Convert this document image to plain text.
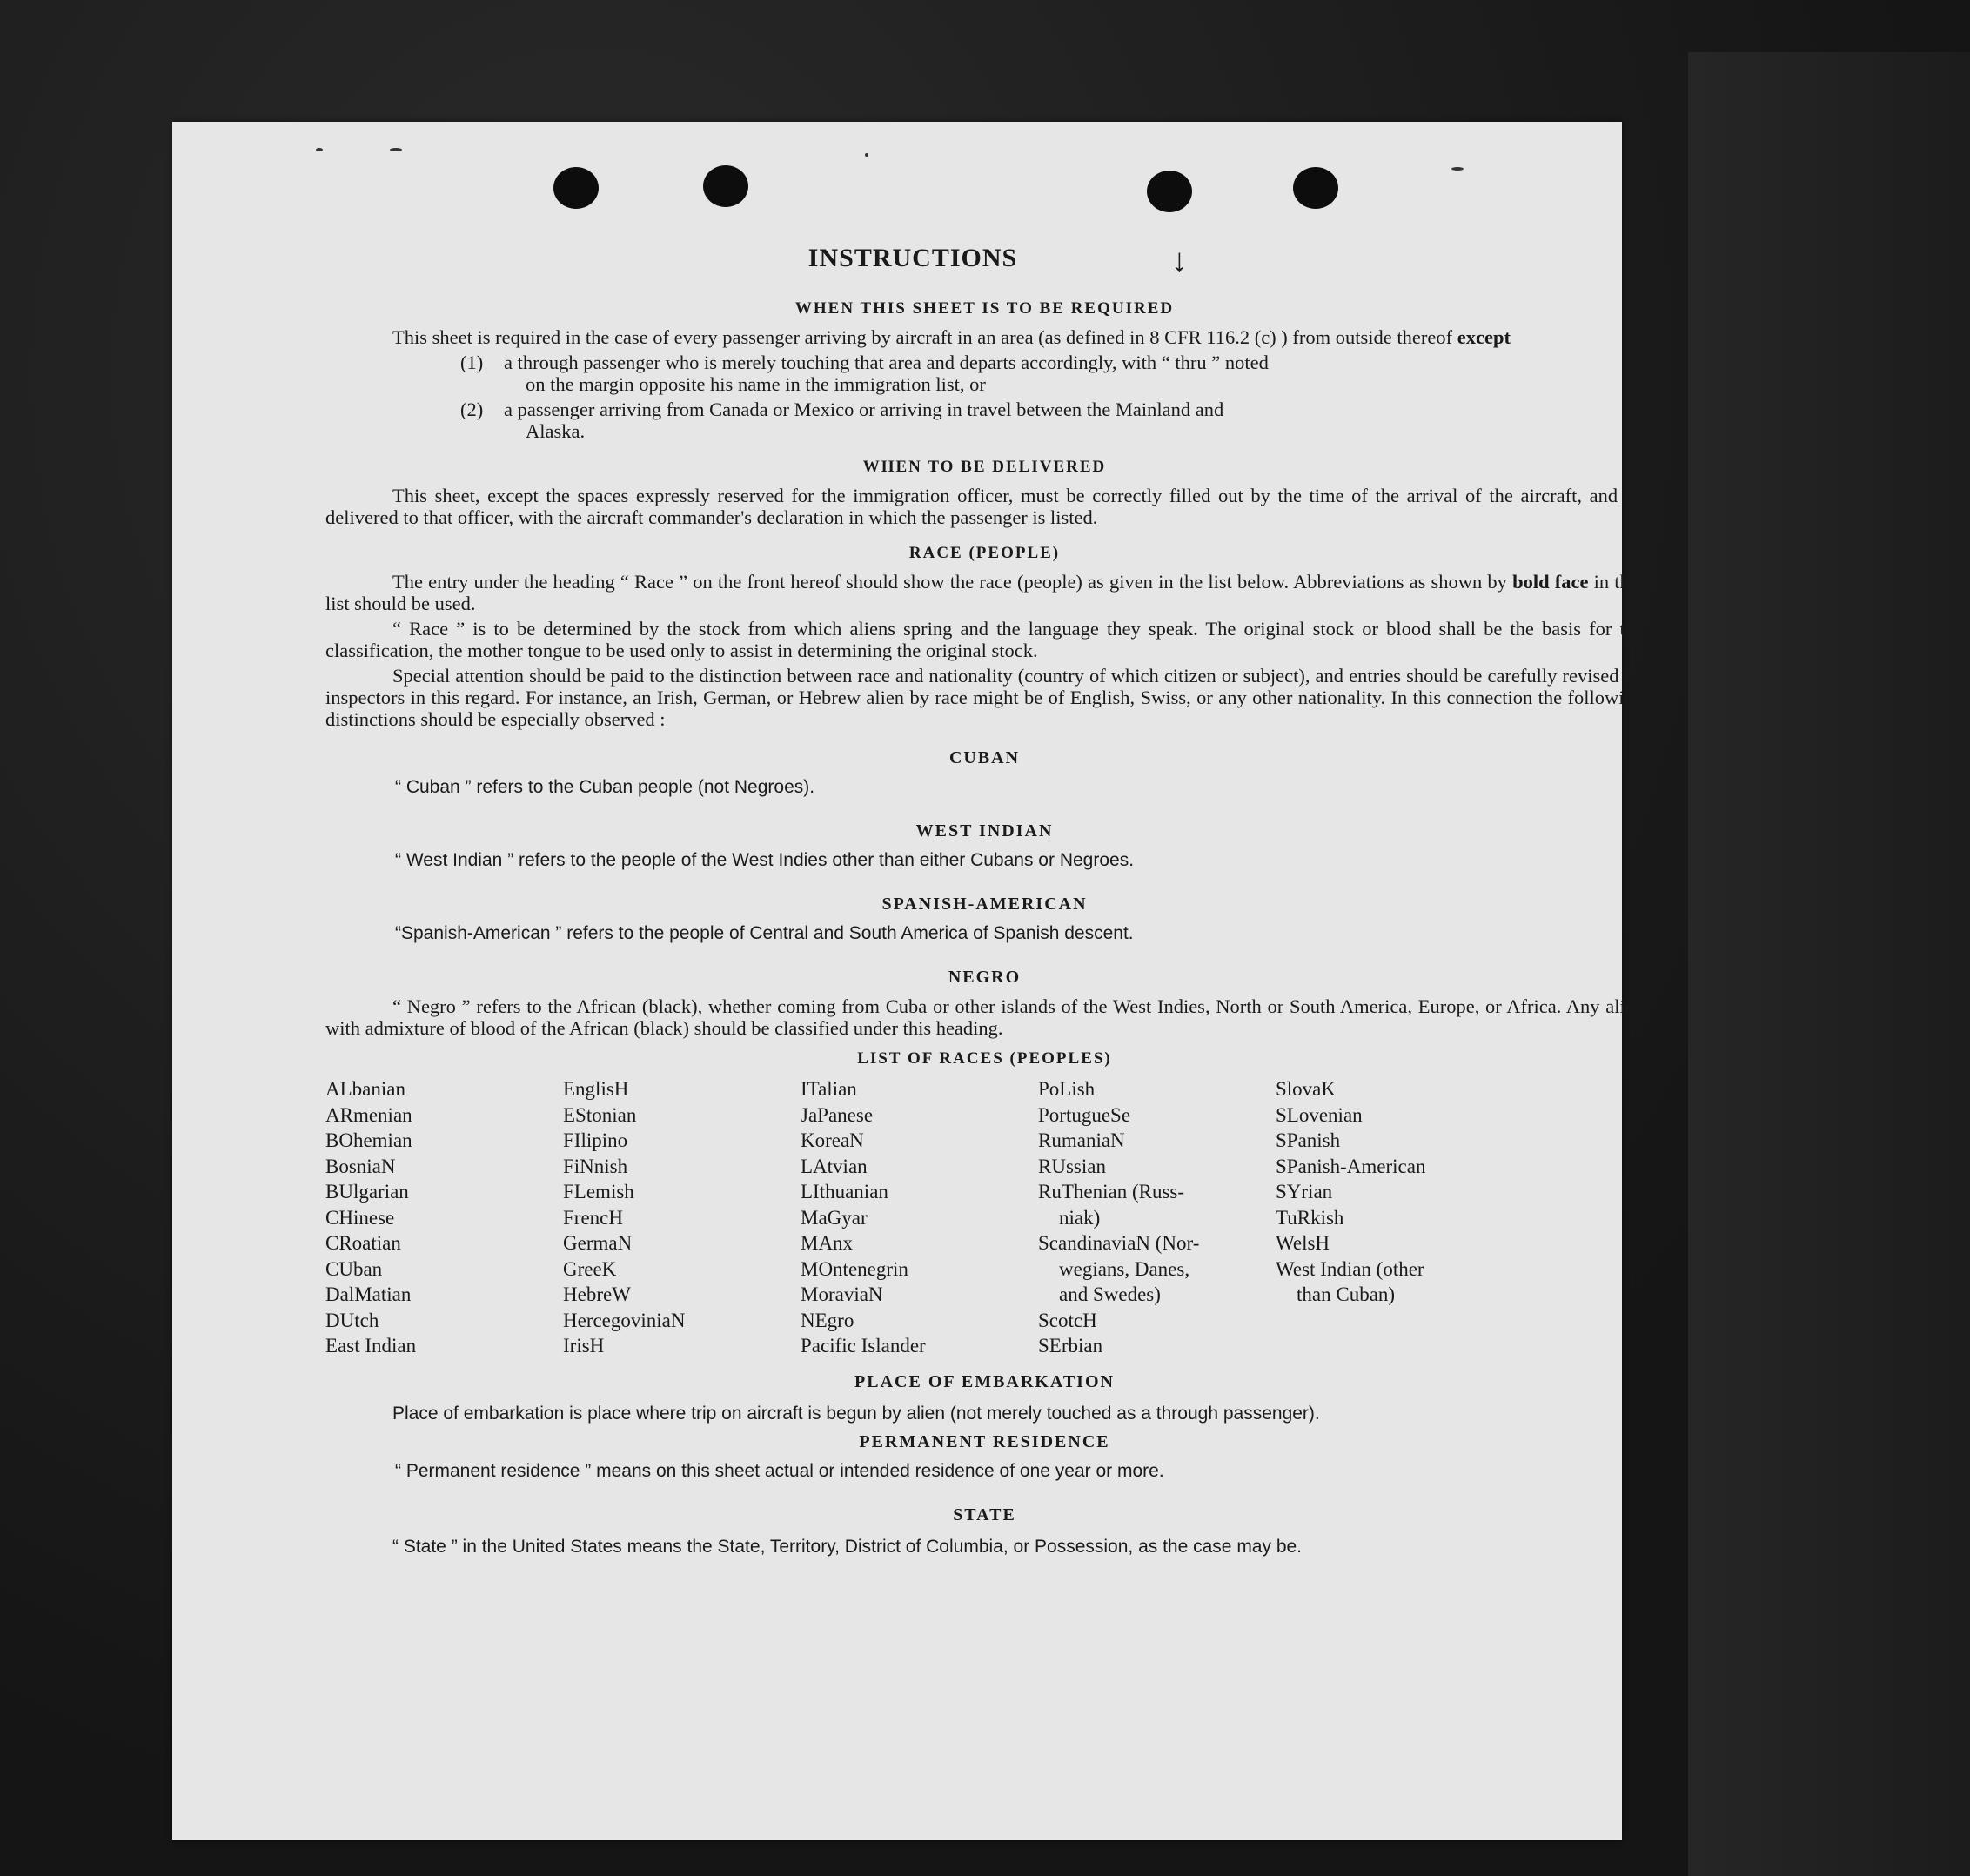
↓
INSTRUCTIONS
WHEN THIS SHEET IS TO BE REQUIRED

This sheet is required in the case of every passenger arriving by aircraft in an area (as defined in 8 CFR 116.2 (c) ) from outside thereof except

(1)	a through passenger who is merely touching that area and departs accordingly, with “ thru ” noted
on the margin opposite his name in the immigration list, or
(2)	a passenger arriving from Canada or Mexico or arriving in travel between the Mainland and
Alaska.
WHEN TO BE DELIVERED

This sheet, except the spaces expressly reserved for the immigration officer, must be correctly filled out by the time of the arrival of the aircraft, and be delivered to that officer, with the aircraft commander's declaration in which the passenger is listed.

RACE (PEOPLE)

The entry under the heading “ Race ” on the front hereof should show the race (people) as given in the list below. Abbreviations as shown by bold face in that list should be used.

“ Race ” is to be determined by the stock from which aliens spring and the language they speak. The original stock or blood shall be the basis for the classification, the mother tongue to be used only to assist in determining the original stock.

Special attention should be paid to the distinction between race and nationality (country of which citizen or subject), and entries should be carefully revised by inspectors in this regard. For instance, an Irish, German, or Hebrew alien by race might be of English, Swiss, or any other nationality. In this connection the following distinctions should be especially observed :

CUBAN

“ Cuban ” refers to the Cuban people (not Negroes).

WEST INDIAN

“ West Indian ” refers to the people of the West Indies other than either Cubans or Negroes.

SPANISH-AMERICAN

“Spanish-American ” refers to the people of Central and South America of Spanish descent.

NEGRO

“ Negro ” refers to the African (black), whether coming from Cuba or other islands of the West Indies, North or South America, Europe, or Africa. Any alien with admixture of blood of the African (black) should be classified under this heading.

LIST OF RACES (PEOPLES)
ALbanian
ARmenian
BOhemian
BosniaN
BUlgarian
CHinese
CRoatian
CUban
DalMatian
DUtch
East Indian
EnglisH
EStonian
FIlipino
FiNnish
FLemish
FrencH
GermaN
GreeK
HebreW
HercegoviniaN
IrisH
ITalian
JaPanese
KoreaN
LAtvian
LIthuanian
MaGyar
MAnx
MOntenegrin
MoraviaN
NEgro
Pacific Islander
PoLish
PortugueSe
RumaniaN
RUssian
RuThenian (Russ-
niak)
ScandinaviaN (Nor-
wegians, Danes,
and Swedes)
ScotcH
SErbian
SlovaK
SLovenian
SPanish
SPanish-American
SYrian
TuRkish
WelsH
West Indian (other
than Cuban)
PLACE OF EMBARKATION

Place of embarkation is place where trip on aircraft is begun by alien (not merely touched as a through passenger).

PERMANENT RESIDENCE

“ Permanent residence ” means on this sheet actual or intended residence of one year or more.

STATE

“ State ” in the United States means the State, Territory, District of Columbia, or Possession, as the case may be.
